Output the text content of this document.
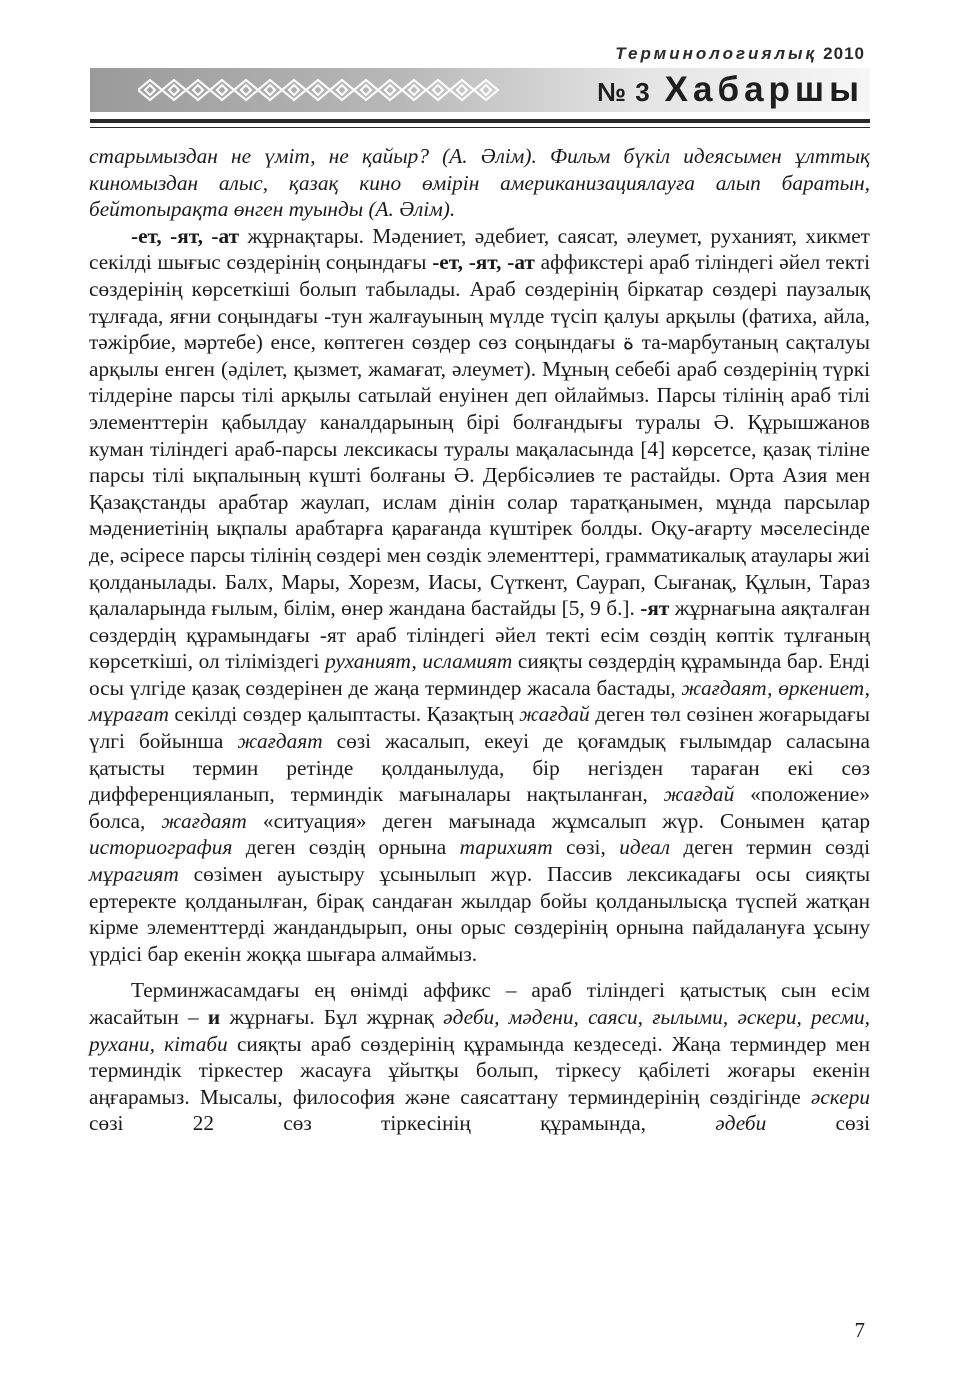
Терминологиялық 2010
№ 3 Хабаршы

старымыздан не үміт, не қайыр? (А. Әлім). Фильм бүкіл идеясымен ұлттық киномыздан алыс, қазақ кино өмірін американизациялауға алып баратын, бейтопырақта өнген туынды (А. Әлім).

-ет, -ят, -ат жұрнақтары. Мәдениет, әдебиет, саясат, әлеумет, руханият, хикмет секілді шығыс сөздерінің соңындағы -ет, -ят, -ат аффикстері араб тіліндегі әйел текті сөздерінің көрсеткіші болып табылады. Араб сөздерінің біркатар сөздері паузалық тұлғада, яғни соңындағы -тун жалғауының мүлде түсіп қалуы арқылы (фатиха, айла, тәжірбие, мәртебе) енсе, көптеген сөздер сөз соңындағы ة та-марбутаның сақталуы арқылы енген (әділет, қызмет, жамағат, әлеумет). Мұның себебі араб сөздерінің түркі тілдеріне парсы тілі арқылы сатылай енуінен деп ойлаймыз. Парсы тілінің араб тілі элементтерін қабылдау каналдарының бірі болғандығы туралы Ә. Құрышжанов куман тіліндегі араб-парсы лексикасы туралы мақаласында [4] көрсетсе, қазақ тіліне парсы тілі ықпалының күшті болғаны Ә. Дербісәлиев те растайды. Орта Азия мен Қазақстанды арабтар жаулап, ислам дінін солар таратқанымен, мұнда парсылар мәдениетінің ықпалы арабтарға қарағанда күштірек болды. Оқу-ағарту мәселесінде де, әсіресе парсы тілінің сөздері мен сөздік элементтері, грамматикалық атаулары жиі қолданылады. Балх, Мары, Хорезм, Иасы, Сүткент, Саурап, Сығанақ, Құлын, Тараз қалаларында ғылым, білім, өнер жандана бастайды [5, 9 б.]. -ят жұрнағына аяқталған сөздердің құрамындағы -ят араб тіліндегі әйел текті есім сөздің көптік тұлғаның көрсеткіші, ол тіліміздегі руханият, исламият сияқты сөздердің құрамында бар. Енді осы үлгіде қазақ сөздерінен де жаңа терминдер жасала бастады, жағдаят, өркениет, мұрағат секілді сөздер қалыптасты. Қазақтың жағдай деген төл сөзінен жоғарыдағы үлгі бойынша жағдаят сөзі жасалып, екеуі де қоғамдық ғылымдар саласына қатысты термин ретінде қолданылуда, бір негізден тараған екі сөз дифференцияланып, терминдік мағыналары нақтыланған, жағдай «положение» болса, жағдаят «ситуация» деген мағынада жұмсалып жүр. Сонымен қатар историография деген сөздің орнына тарихият сөзі, идеал деген термин сөзді мұрагият сөзімен ауыстыру ұсынылып жүр. Пассив лексикадағы осы сияқты ертеректе қолданылған, бірақ сандаған жылдар бойы қолданылысқа түспей жатқан кірме элементтерді жандандырып, оны орыс сөздерінің орнына пайдалануға ұсыну үрдісі бар екенін жоққа шығара алмаймыз.

Терминжасамдағы ең өнімді аффикс – араб тіліндегі қатыстық сын есім жасайтын – и жұрнағы. Бұл жұрнақ әдеби, мәдени, саяси, ғылыми, әскери, ресми, рухани, кітаби сияқты араб сөздерінің құрамында кездеседі. Жаңа терминдер мен терминдік тіркестер жасауға ұйытқы болып, тіркесу қабілеті жоғары екенін аңғарамыз. Мысалы, философия және саясаттану терминдерінің сөздігінде әскери сөзі 22 сөз тіркесінің құрамында, әдеби сөзі

7
